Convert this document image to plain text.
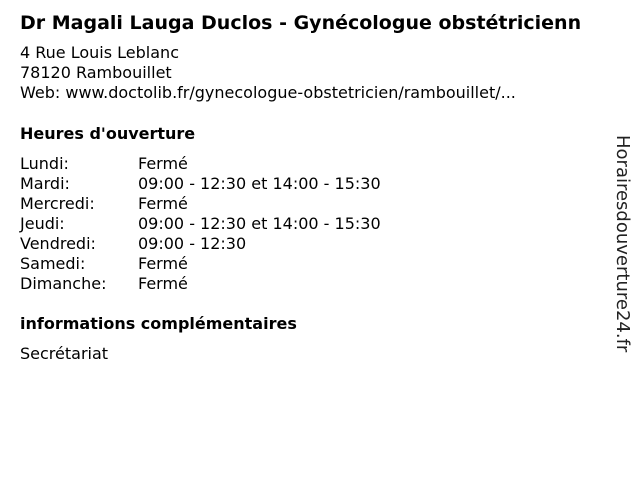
Dr Magali Lauga Duclos - Gynécologue obstétricienn
4 Rue Louis Leblanc
78120 Rambouillet
Web: www.doctolib.fr/gynecologue-obstetricien/rambouillet/...
Heures d'ouverture
Lundi:	Fermé
Mardi:	09:00 - 12:30 et 14:00 - 15:30
Mercredi:	Fermé
Jeudi:	09:00 - 12:30 et 14:00 - 15:30
Vendredi:	09:00 - 12:30
Samedi:	Fermé
Dimanche: Fermé
informations complémentaires
Secrétariat
Horairesdouverture24.fr
